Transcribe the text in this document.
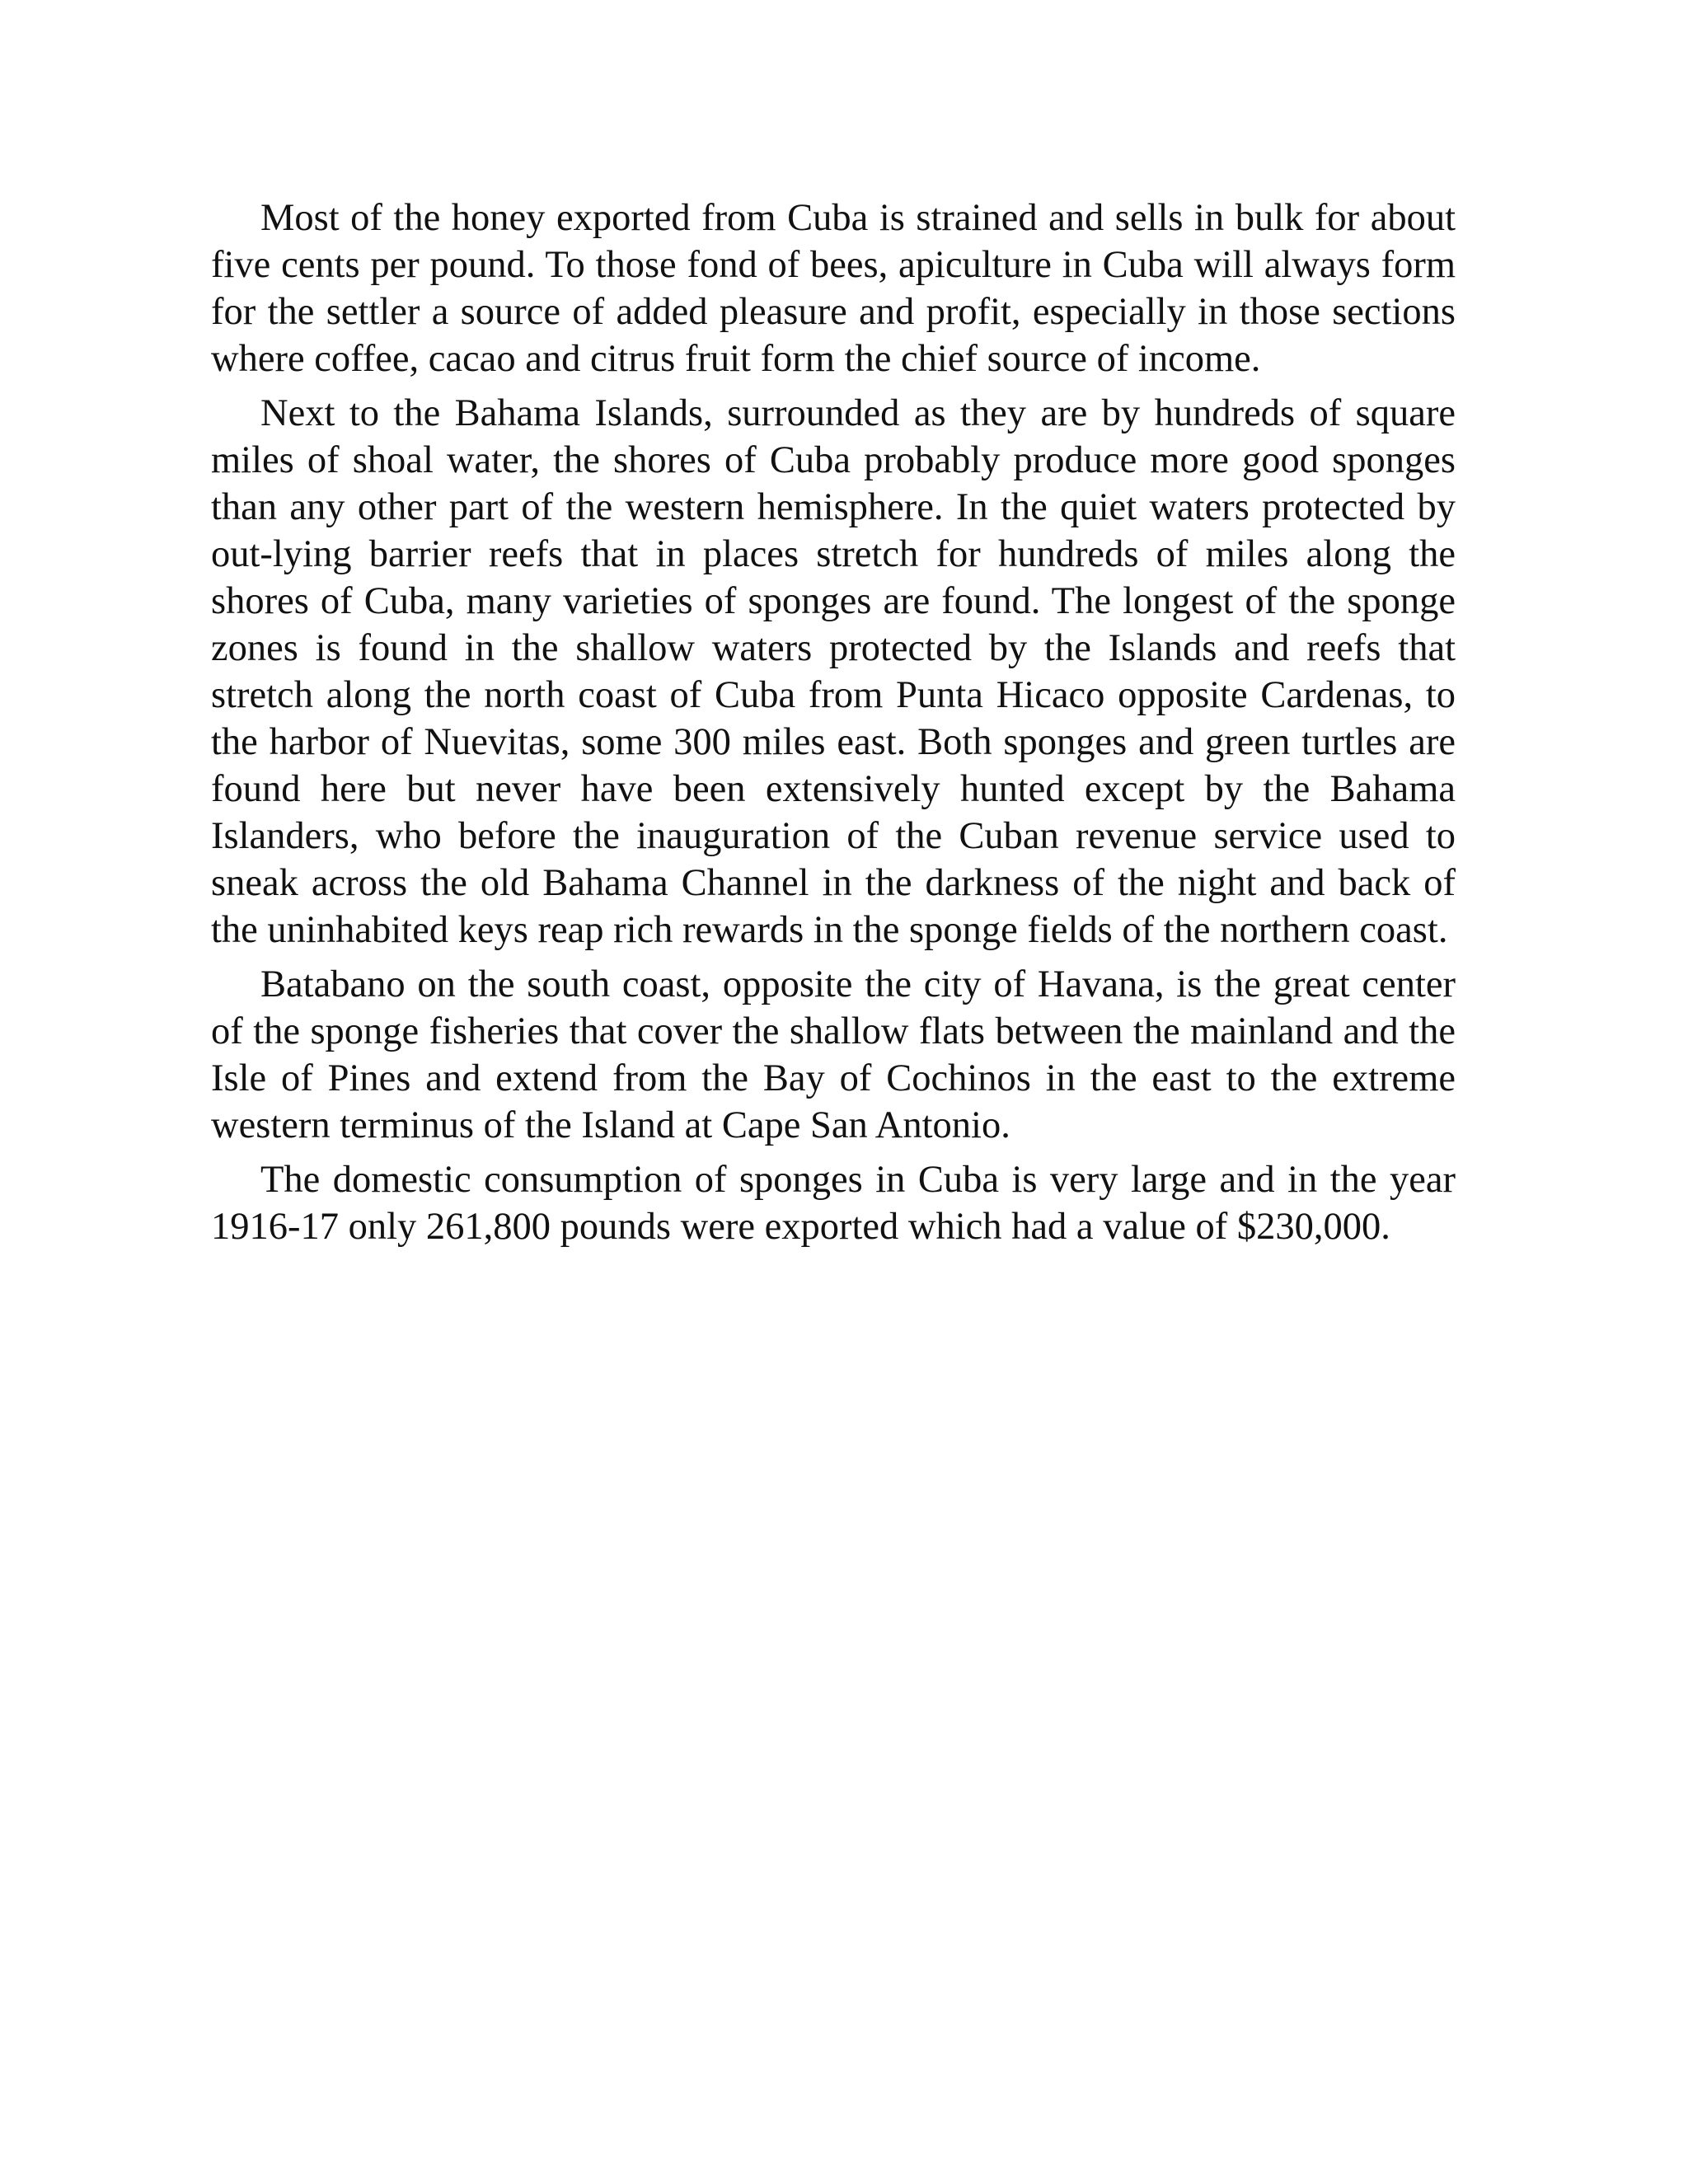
Most of the honey exported from Cuba is strained and sells in bulk for about five cents per pound. To those fond of bees, apiculture in Cuba will always form for the settler a source of added pleasure and profit, especially in those sections where coffee, cacao and citrus fruit form the chief source of income.

Next to the Bahama Islands, surrounded as they are by hundreds of square miles of shoal water, the shores of Cuba probably produce more good sponges than any other part of the western hemisphere. In the quiet waters protected by out-lying barrier reefs that in places stretch for hundreds of miles along the shores of Cuba, many varieties of sponges are found. The longest of the sponge zones is found in the shallow waters protected by the Islands and reefs that stretch along the north coast of Cuba from Punta Hicaco opposite Cardenas, to the harbor of Nuevitas, some 300 miles east. Both sponges and green turtles are found here but never have been extensively hunted except by the Bahama Islanders, who before the inauguration of the Cuban revenue service used to sneak across the old Bahama Channel in the darkness of the night and back of the uninhabited keys reap rich rewards in the sponge fields of the northern coast.

Batabano on the south coast, opposite the city of Havana, is the great center of the sponge fisheries that cover the shallow flats between the mainland and the Isle of Pines and extend from the Bay of Cochinos in the east to the extreme western terminus of the Island at Cape San Antonio.

The domestic consumption of sponges in Cuba is very large and in the year 1916-17 only 261,800 pounds were exported which had a value of $230,000.
